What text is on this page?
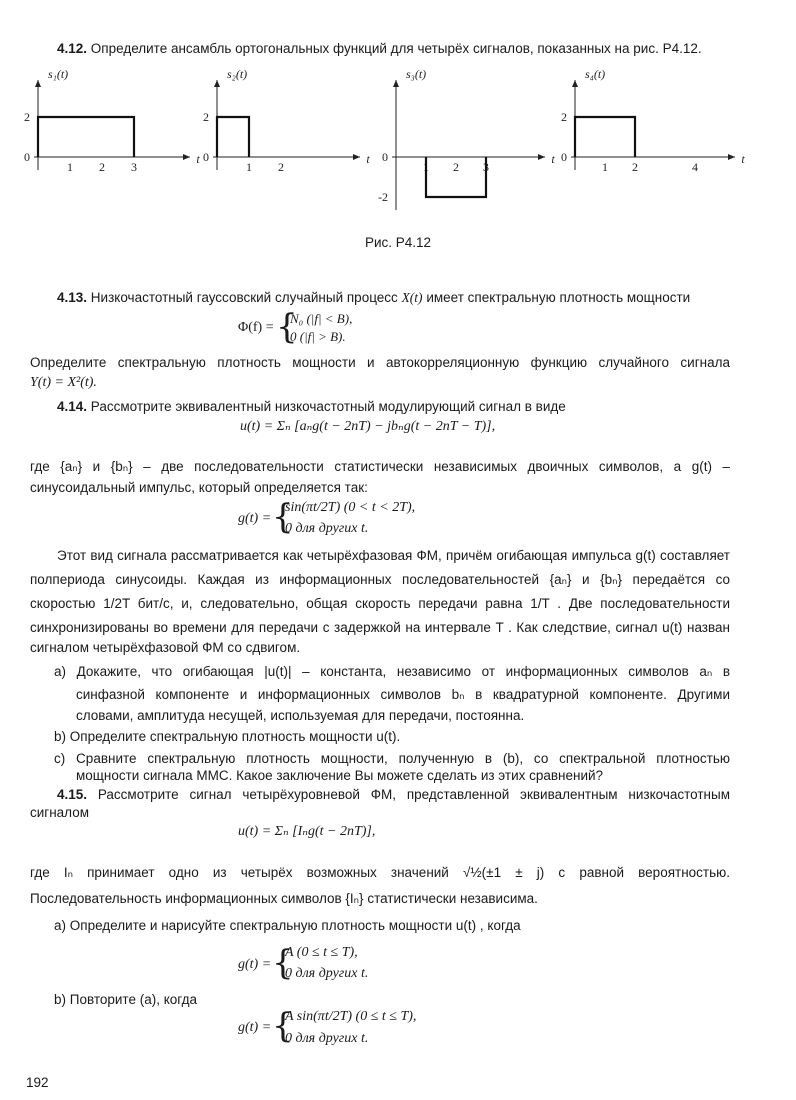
4.12. Определите ансамбль ортогональных функций для четырёх сигналов, показанных на рис. P4.12.
s₁(t)
t
2
0
1 2 3
s₂(t)
t
2
0
1 2
s₃(t)
t
0
-2
1 2 3
s₄(t)
t
2
0
1 2	4
Рис. P4.12
4.13. Низкочастотный гауссовский случайный процесс X(t) имеет спектральную плотность мощности
Φ(f) = {
N₀ (|f| < B),
0 (|f| > B).
Определите спектральную плотность мощности и автокорреляционную функцию случайного сигнала
Y(t) = X²(t).
4.14. Рассмотрите эквивалентный низкочастотный модулирующий сигнал в виде
u(t) = Σₙ [aₙg(t − 2nT) − jbₙg(t − 2nT − T)],
где {aₙ} и {bₙ} – две последовательности статистически независимых двоичных символов, а g(t) –
синусоидальный импульс, который определяется так:
g(t) = {
sin(πt/2T) (0 < t < 2T),
0 для других t.
Этот вид сигнала рассматривается как четырёхфазовая ФМ, причём огибающая импульса g(t) составляет
полпериода синусоиды. Каждая из информационных последовательностей {aₙ} и {bₙ} передаётся со
скоростью 1/2T бит/с, и, следовательно, общая скорость передачи равна 1/T . Две последовательности
синхронизированы во времени для передачи с задержкой на интервале T . Как следствие, сигнал u(t) назван
сигналом четырёхфазовой ФМ со сдвигом.
a) Докажите, что огибающая |u(t)| – константа, независимо от информационных символов aₙ в
синфазной компоненте и информационных символов bₙ в квадратурной компоненте. Другими
словами, амплитуда несущей, используемая для передачи, постоянна.
b) Определите спектральную плотность мощности u(t).
c) Сравните спектральную плотность мощности, полученную в (b), со спектральной плотностью
мощности сигнала MMC. Какое заключение Вы можете сделать из этих сравнений?
4.15. Рассмотрите сигнал четырёхуровневой ФМ, представленной эквивалентным низкочастотным
сигналом
u(t) = Σₙ [Iₙg(t − 2nT)],
где Iₙ принимает одно из четырёх возможных значений √½(±1 ± j) с равной вероятностью.
Последовательность информационных символов {Iₙ} статистически независима.
a) Определите и нарисуйте спектральную плотность мощности u(t) , когда
g(t) = {
A (0 ≤ t ≤ T),
0 для других t.
b) Повторите (a), когда
g(t) = {
A sin(πt/2T) (0 ≤ t ≤ T),
0 для других t.
192
